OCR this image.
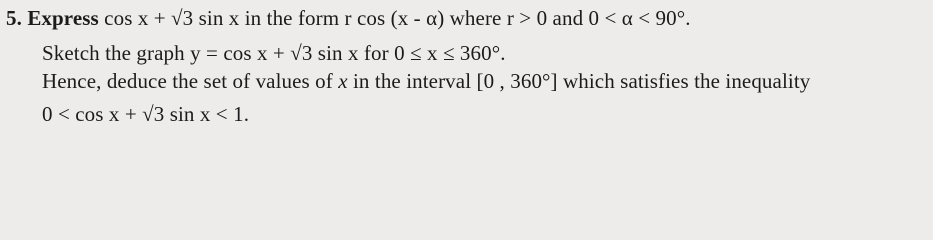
5. Express cos x + √3 sin x in the form r cos (x - α) where r > 0 and 0 < α < 90°.
Sketch the graph y = cos x + √3 sin x for 0 ≤ x ≤ 360°.
Hence, deduce the set of values of x in the interval [0 , 360°] which satisfies the inequality
0 < cos x + √3 sin x < 1.
